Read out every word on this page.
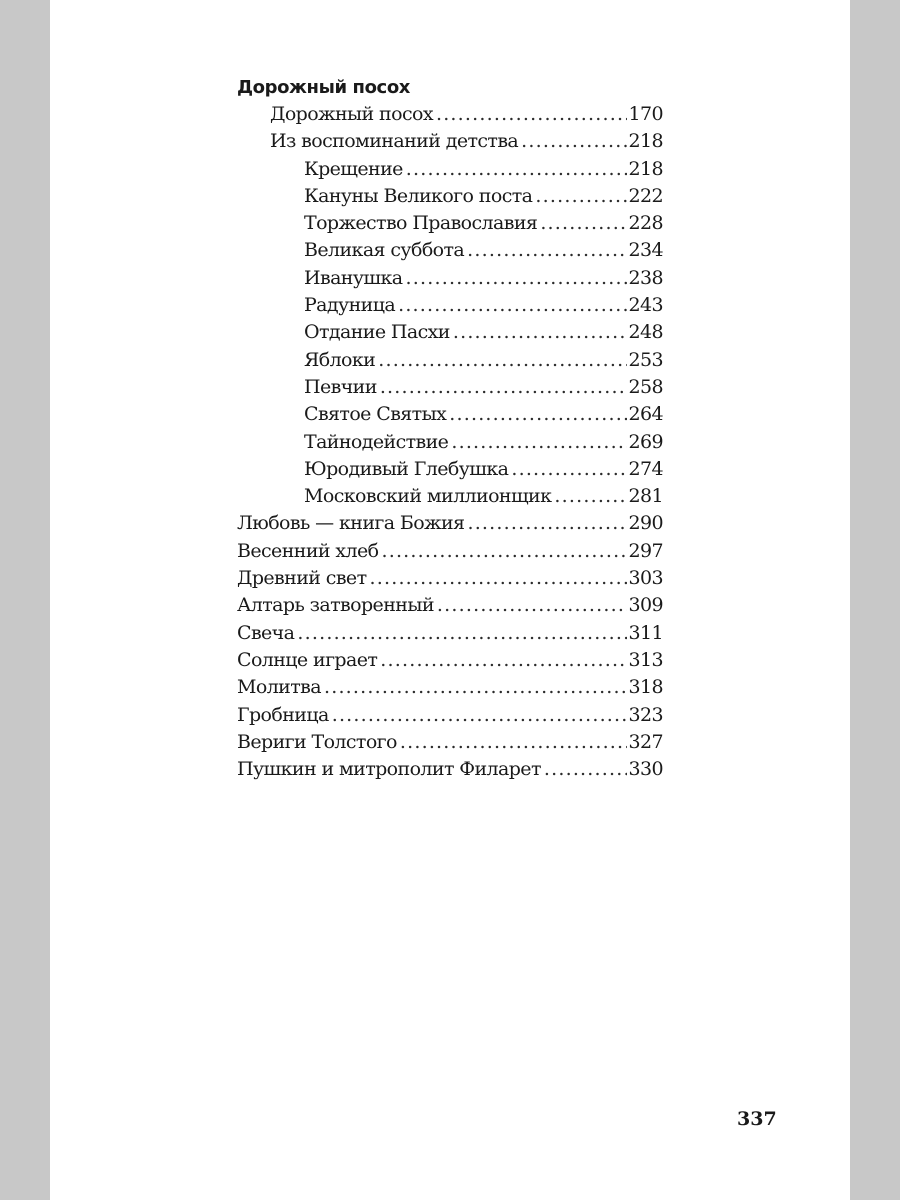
Дорожный посох
Дорожный посох .....	170
Из воспоминаний детства .....	218
Крещение .....	218
Кануны Великого поста .....	222
Торжество Православия .....	228
Великая суббота .....	234
Иванушка .....	238
Радуница .....	243
Отдание Пасхи .....	248
Яблоки .....	253
Певчии .....	258
Святое Святых .....	264
Тайнодействие .....	269
Юродивый Глебушка .....	274
Московский миллионщик .....	281
Любовь — книга Божия .....	290
Весенний хлеб .....	297
Древний свет .....	303
Алтарь затворенный .....	309
Свеча .....	311
Солнце играет .....	313
Молитва .....	318
Гробница .....	323
Вериги Толстого .....	327
Пушкин и митрополит Филарет .....	330
337
